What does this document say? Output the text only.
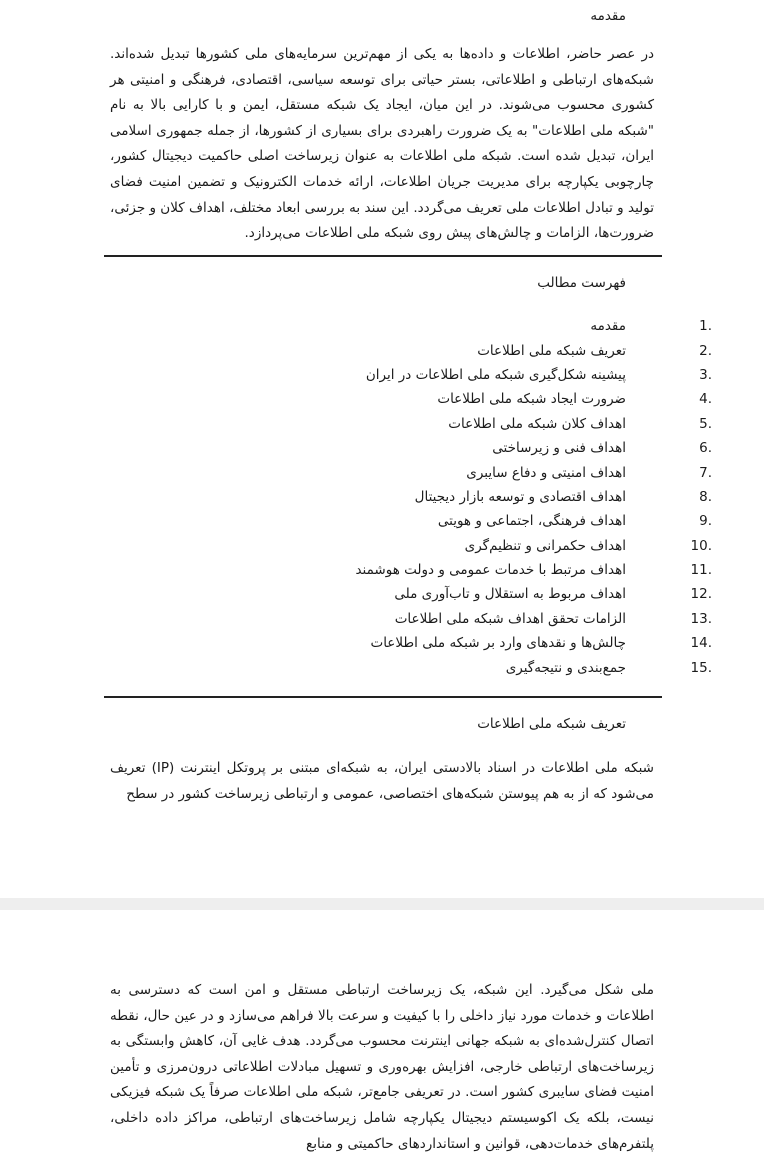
مقدمه

در عصر حاضر، اطلاعات و داده‌ها به یکی از مهم‌ترین سرمایه‌های ملی کشورها تبدیل شده‌اند. شبکه‌های ارتباطی و اطلاعاتی، بستر حیاتی برای توسعه سیاسی، اقتصادی، فرهنگی و امنیتی هر کشوری محسوب می‌شوند. در این میان، ایجاد یک شبکه مستقل، ایمن و با کارایی بالا به نام "شبکه ملی اطلاعات" به یک ضرورت راهبردی برای بسیاری از کشورها، از جمله جمهوری اسلامی ایران، تبدیل شده است. شبکه ملی اطلاعات به عنوان زیرساخت اصلی حاکمیت دیجیتال کشور، چارچوبی یکپارچه برای مدیریت جریان اطلاعات، ارائه خدمات الکترونیک و تضمین امنیت فضای تولید و تبادل اطلاعات ملی تعریف می‌گردد. این سند به بررسی ابعاد مختلف، اهداف کلان و جزئی، ضرورت‌ها، الزامات و چالش‌های پیش روی شبکه ملی اطلاعات می‌پردازد.

فهرست مطالب
1.
مقدمه
2.
تعریف شبکه ملی اطلاعات
3.
پیشینه شکل‌گیری شبکه ملی اطلاعات در ایران
4.
ضرورت ایجاد شبکه ملی اطلاعات
5.
اهداف کلان شبکه ملی اطلاعات
6.
اهداف فنی و زیرساختی
7.
اهداف امنیتی و دفاع سایبری
8.
اهداف اقتصادی و توسعه بازار دیجیتال
9.
اهداف فرهنگی، اجتماعی و هویتی
10.
اهداف حکمرانی و تنظیم‌گری
11.
اهداف مرتبط با خدمات عمومی و دولت هوشمند
12.
اهداف مربوط به استقلال و تاب‌آوری ملی
13.
الزامات تحقق اهداف شبکه ملی اطلاعات
14.
چالش‌ها و نقدهای وارد بر شبکه ملی اطلاعات
15.
جمع‌بندی و نتیجه‌گیری
تعریف شبکه ملی اطلاعات

شبکه ملی اطلاعات در اسناد بالادستی ایران، به شبکه‌ای مبتنی بر پروتکل اینترنت (IP) تعریف می‌شود که از به هم پیوستن شبکه‌های اختصاصی، عمومی و ارتباطی زیرساخت کشور در سطح

ملی شکل می‌گیرد. این شبکه، یک زیرساخت ارتباطی مستقل و امن است که دسترسی به اطلاعات و خدمات مورد نیاز داخلی را با کیفیت و سرعت بالا فراهم می‌سازد و در عین حال، نقطه اتصال کنترل‌شده‌ای به شبکه جهانی اینترنت محسوب می‌گردد. هدف غایی آن، کاهش وابستگی به زیرساخت‌های ارتباطی خارجی، افزایش بهره‌وری و تسهیل مبادلات اطلاعاتی درون‌مرزی و تأمین امنیت فضای سایبری کشور است. در تعریفی جامع‌تر، شبکه ملی اطلاعات صرفاً یک شبکه فیزیکی نیست، بلکه یک اکوسیستم دیجیتال یکپارچه شامل زیرساخت‌های ارتباطی، مراکز داده داخلی، پلتفرم‌های خدمات‌دهی، قوانین و استانداردهای حاکمیتی و منابع
